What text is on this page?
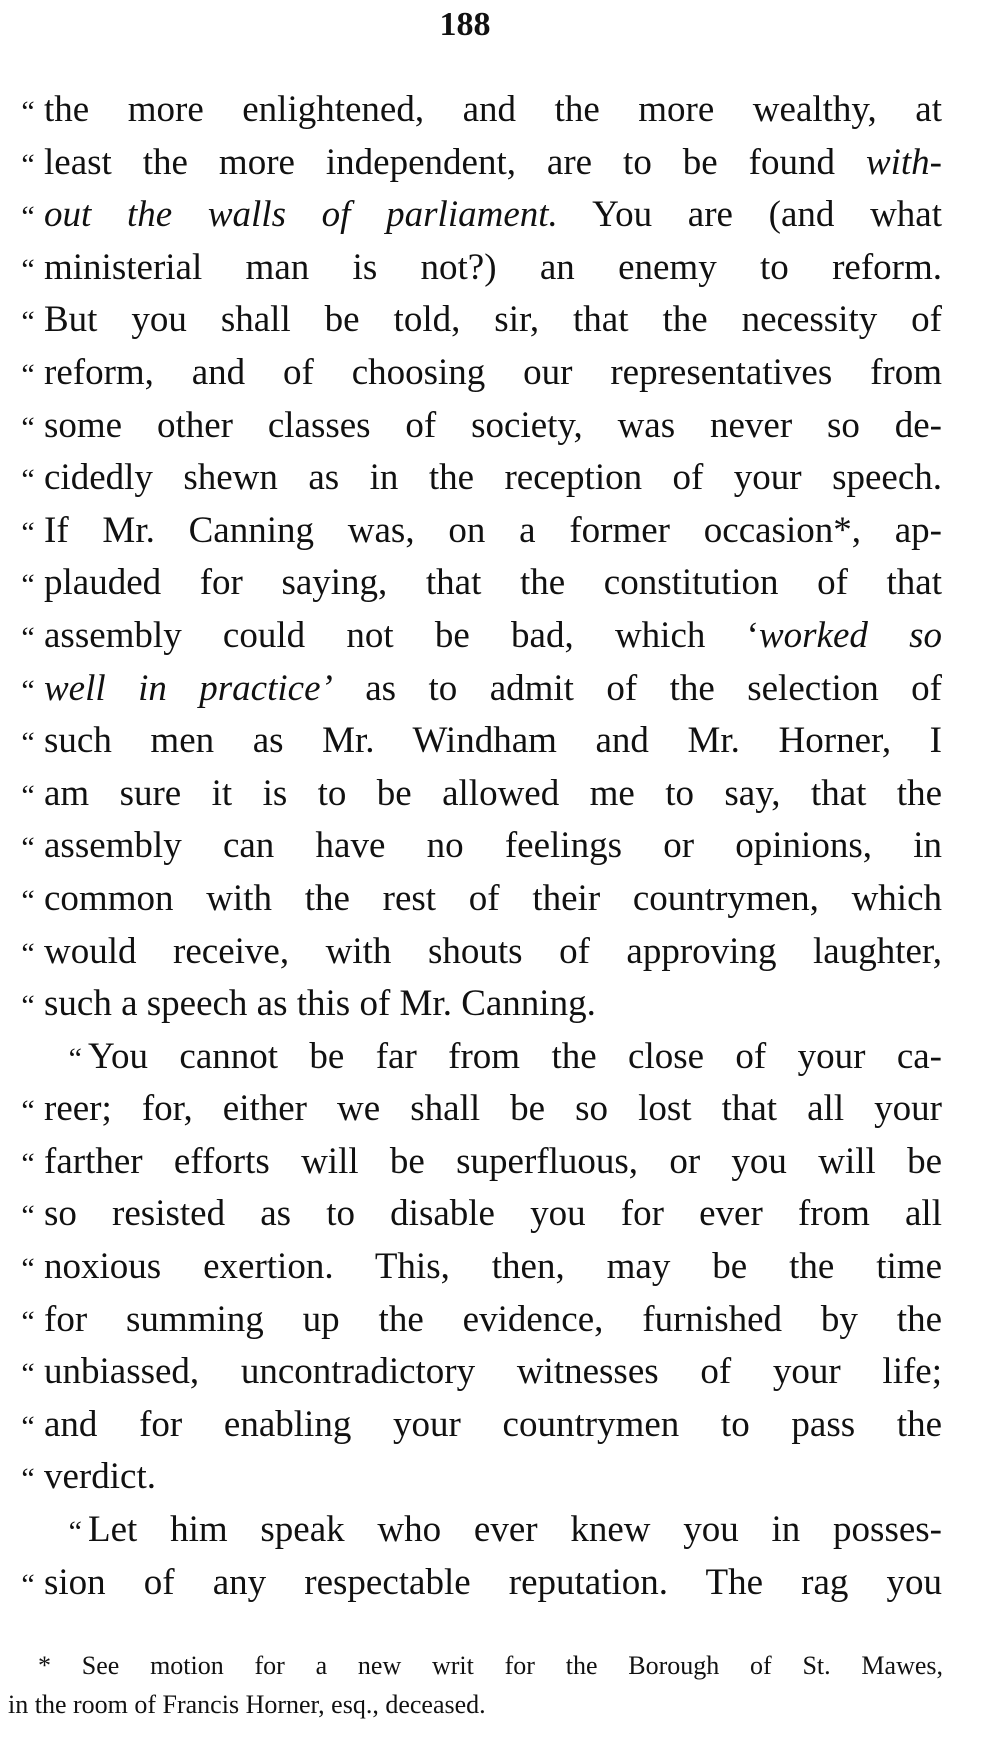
188
“ the more enlightened, and the more wealthy, at
“ least the more independent, are to be found with-
“ out the walls of parliament. You are (and what
“ ministerial man is not?) an enemy to reform.
“ But you shall be told, sir, that the necessity of
“ reform, and of choosing our representatives from
“ some other classes of society, was never so de-
“ cidedly shewn as in the reception of your speech.
“ If Mr. Canning was, on a former occasion*, ap-
“ plauded for saying, that the constitution of that
“ assembly could not be bad, which ‘worked so
“ well in practice’ as to admit of the selection of
“ such men as Mr. Windham and Mr. Horner, I
“ am sure it is to be allowed me to say, that the
“ assembly can have no feelings or opinions, in
“ common with the rest of their countrymen, which
“ would receive, with shouts of approving laughter,
“ such a speech as this of Mr. Canning.
“ You cannot be far from the close of your ca-
“ reer; for, either we shall be so lost that all your
“ farther efforts will be superfluous, or you will be
“ so resisted as to disable you for ever from all
“ noxious exertion. This, then, may be the time
“ for summing up the evidence, furnished by the
“ unbiassed, uncontradictory witnesses of your life;
“ and for enabling your countrymen to pass the
“ verdict.
“ Let him speak who ever knew you in posses-
“ sion of any respectable reputation. The rag you
* See motion for a new writ for the Borough of St. Mawes,
in the room of Francis Horner, esq., deceased.
